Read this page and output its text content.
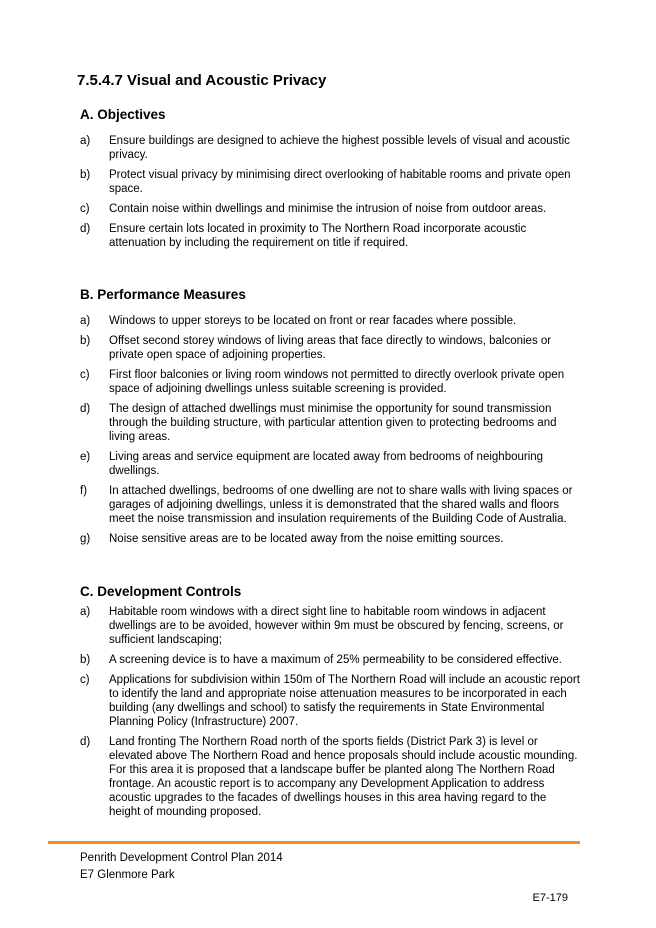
7.5.4.7 Visual and Acoustic Privacy
A. Objectives
a)	Ensure buildings are designed to achieve the highest possible levels of visual and acoustic privacy.
b)	Protect visual privacy by minimising direct overlooking of habitable rooms and private open space.
c)	Contain noise within dwellings and minimise the intrusion of noise from outdoor areas.
d)	Ensure certain lots located in proximity to The Northern Road incorporate acoustic attenuation by including the requirement on title if required.
B. Performance Measures
a)	Windows to upper storeys to be located on front or rear facades where possible.
b)	Offset second storey windows of living areas that face directly to windows, balconies or private open space of adjoining properties.
c)	First floor balconies or living room windows not permitted to directly overlook private open space of adjoining dwellings unless suitable screening is provided.
d)	The design of attached dwellings must minimise the opportunity for sound transmission through the building structure, with particular attention given to protecting bedrooms and living areas.
e)	Living areas and service equipment are located away from bedrooms of neighbouring dwellings.
f)	In attached dwellings, bedrooms of one dwelling are not to share walls with living spaces or garages of adjoining dwellings, unless it is demonstrated that the shared walls and floors meet the noise transmission and insulation requirements of the Building Code of Australia.
g)	Noise sensitive areas are to be located away from the noise emitting sources.
C. Development Controls
a)	Habitable room windows with a direct sight line to habitable room windows in adjacent dwellings are to be avoided, however within 9m must be obscured by fencing, screens, or sufficient landscaping;
b)	A screening device is to have a maximum of 25% permeability to be considered effective.
c)	Applications for subdivision within 150m of The Northern Road will include an acoustic report to identify the land and appropriate noise attenuation measures to be incorporated in each building (any dwellings and school) to satisfy the requirements in State Environmental Planning Policy (Infrastructure) 2007.
d)	Land fronting The Northern Road north of the sports fields (District Park 3) is level or elevated above The Northern Road and hence proposals should include acoustic mounding. For this area it is proposed that a landscape buffer be planted along The Northern Road frontage. An acoustic report is to accompany any Development Application to address acoustic upgrades to the facades of dwellings houses in this area having regard to the height of mounding proposed.

Penrith Development Control Plan 2014

E7 Glenmore Park

E7-179
